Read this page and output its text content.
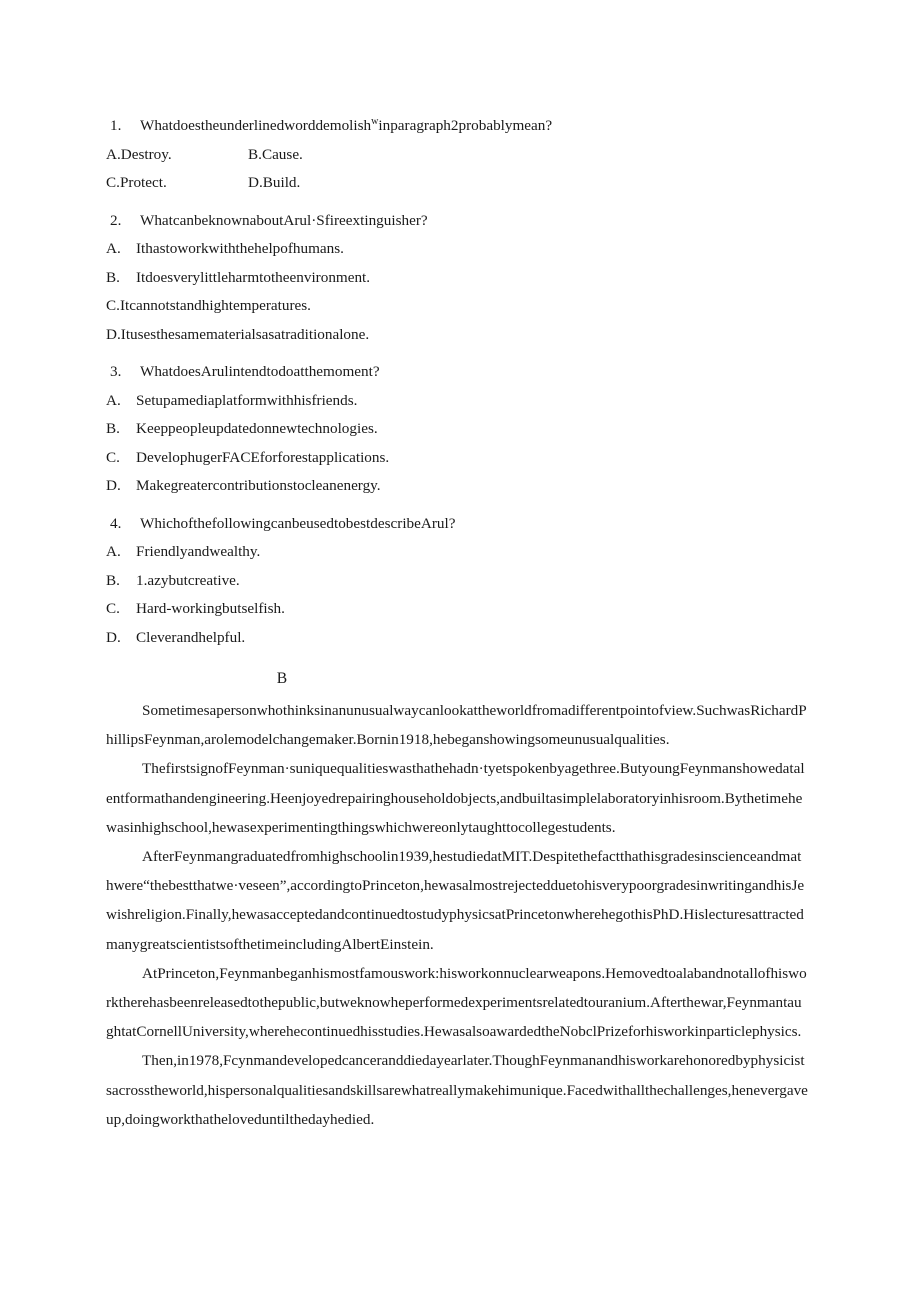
1. Whatdoestheunderlinedworddemolish$^w$inparagraph2probablymean?
A.Destroy.	B.Cause.
C.Protect.	D.Build.
2. WhatcanbeknownaboutArul·Sfireextinguisher?
A. Ithastoworkwiththehelpofhumans.
B. Itdoesverylittleharmtotheenvironment.
C.Itcannotstandhightemperatures.
D.Itusesthesamematerialsasatraditionalone.
3. WhatdoesArulintendtodoatthemoment?
A. Setupamediaplatformwithhisfriends.
B. Keeppeopleupdatedonnewtechnologies.
C. DevelophugerFACEforforestapplications.
D. Makegreatercontributionstocleanenergy.
4. WhichofthefollowingcanbeusedtobestdescribeArul?
A. Friendlyandwealthy.
B. 1.azybutcreative.
C. Hard-workingbutselfish.
D. Cleverandhelpful.
B

Sometimesapersonwhothinksinanunusualwaycanlookattheworldfromadifferentpointofview.SuchwasRichardPhillipsFeynman,arolemodelchangemaker.Bornin1918,hebeganshowingsomeunusualqualities.

ThefirstsignofFeynman·suniquequalitieswasthathehadn·tyetspokenbyagethree.ButyoungFeynmanshowedatalentformathandengineering.Heenjoyedrepairinghouseholdobjects,andbuiltasimplelaboratoryinhisroom.Bythetimehewasinhighschool,hewasexperimentingthingswhichwereonlytaughttocollegestudents.

AfterFeynmangraduatedfromhighschoolin1939,hestudiedatMIT.Despitethefactthathisgradesinscienceandmathwere“thebestthatwe·veseen”,accordingtoPrinceton,hewasalmostrejectedduetohisverypoorgradesinwritingandhisJewishreligion.Finally,hewasacceptedandcontinuedtostudyphysicsatPrincetonwherehegothisPhD.HislecturesattractedmanygreatscientistsofthetimeincludingAlbertEinstein.

AtPrinceton,Feynmanbeganhismostfamouswork:hisworkonnuclearweapons.Hemovedtoalabandnotallofhisworktherehasbeenreleasedtothepublic,butweknowheperformedexperimentsrelatedtouranium.Afterthewar,FeynmantaughtatCornellUniversity,wherehecontinuedhisstudies.HewasalsoawardedtheNobclPrizeforhisworkinparticlephysics.

Then,in1978,Fcynmandevelopedcanceranddiedayearlater.ThoughFeynmanandhisworkarehonoredbyphysicistsacrosstheworld,hispersonalqualitiesandskillsarewhatreallymakehimunique.Facedwithallthechallenges,henevergaveup,doingworkthatheloveduntilthedayhedied.
